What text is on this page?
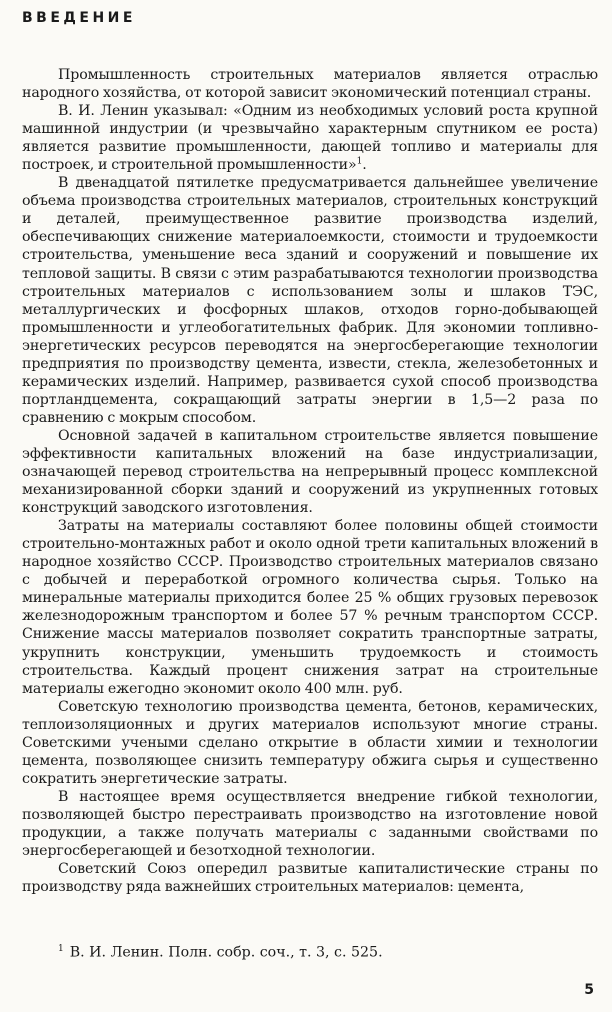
ВВЕДЕНИЕ

Промышленность строительных материалов является отраслью народного хозяйства, от которой зависит экономический потенциал страны.

В. И. Ленин указывал: «Одним из необходимых условий роста крупной машинной индустрии (и чрезвычайно характерным спутником ее роста) является развитие промышленности, дающей топливо и материалы для построек, и строительной промышленности»$^1$.

В двенадцатой пятилетке предусматривается дальнейшее увеличение объема производства строительных материалов, строительных конструкций и деталей, преимущественное развитие производства изделий, обеспечивающих снижение материалоемкости, стоимости и трудоемкости строительства, уменьшение веса зданий и сооружений и повышение их тепловой защиты. В связи с этим разрабатываются технологии производства строительных материалов с использованием золы и шлаков ТЭС, металлургических и фосфорных шлаков, отходов горно-добывающей промышленности и углеобогатительных фабрик. Для экономии топливно-энергетических ресурсов переводятся на энергосберегающие технологии предприятия по производству цемента, извести, стекла, железобетонных и керамических изделий. Например, развивается сухой способ производства портландцемента, сокращающий затраты энергии в 1,5—2 раза по сравнению с мокрым способом.

Основной задачей в капитальном строительстве является повышение эффективности капитальных вложений на базе индустриализации, означающей перевод строительства на непрерывный процесс комплексной механизированной сборки зданий и сооружений из укрупненных готовых конструкций заводского изготовления.

Затраты на материалы составляют более половины общей стоимости строительно-монтажных работ и около одной трети капитальных вложений в народное хозяйство СССР. Производство строительных материалов связано с добычей и переработкой огромного количества сырья. Только на минеральные материалы приходится более 25 % общих грузовых перевозок железнодорожным транспортом и более 57 % речным транспортом СССР. Снижение массы материалов позволяет сократить транспортные затраты, укрупнить конструкции, уменьшить трудоемкость и стоимость строительства. Каждый процент снижения затрат на строительные материалы ежегодно экономит около 400 млн. руб.

Советскую технологию производства цемента, бетонов, керамических, теплоизоляционных и других материалов используют многие страны. Советскими учеными сделано открытие в области химии и технологии цемента, позволяющее снизить температуру обжига сырья и существенно сократить энергетические затраты.

В настоящее время осуществляется внедрение гибкой технологии, позволяющей быстро перестраивать производство на изготовление новой продукции, а также получать материалы с заданными свойствами по энергосберегающей и безотходной технологии.

Советский Союз опередил развитые капиталистические страны по производству ряда важнейших строительных материалов: цемента,

$^1$ В. И. Ленин. Полн. собр. соч., т. 3, с. 525.

5
